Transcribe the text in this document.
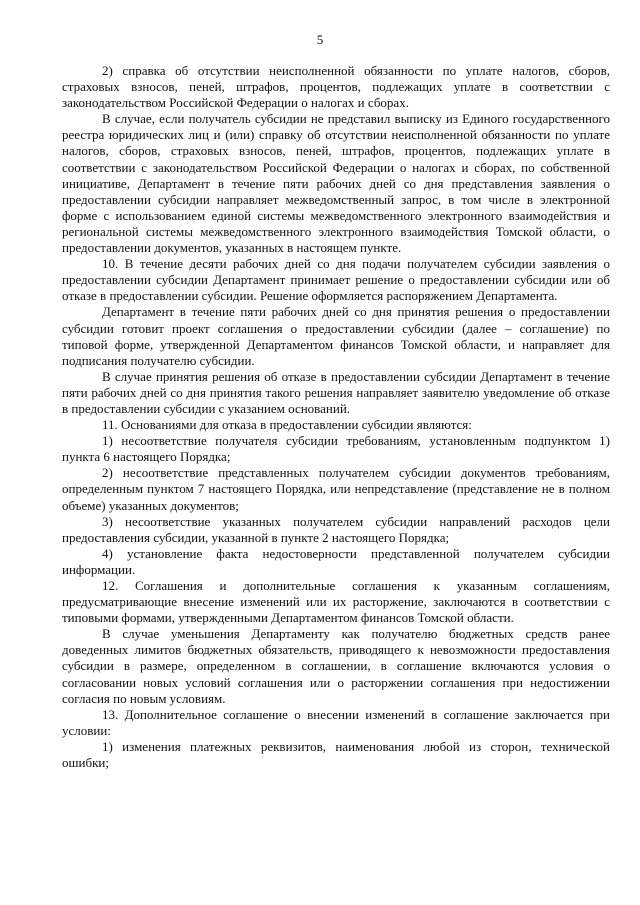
5

2) справка об отсутствии неисполненной обязанности по уплате налогов, сборов, страховых взносов, пеней, штрафов, процентов, подлежащих уплате в соответствии с законодательством Российской Федерации о налогах и сборах.

В случае, если получатель субсидии не представил выписку из Единого государственного реестра юридических лиц и (или) справку об отсутствии неисполненной обязанности по уплате налогов, сборов, страховых взносов, пеней, штрафов, процентов, подлежащих уплате в соответствии с законодательством Российской Федерации о налогах и сборах, по собственной инициативе, Департамент в течение пяти рабочих дней со дня представления заявления о предоставлении субсидии направляет межведомственный запрос, в том числе в электронной форме с использованием единой системы межведомственного электронного взаимодействия и региональной системы межведомственного электронного взаимодействия Томской области, о предоставлении документов, указанных в настоящем пункте.

10. В течение десяти рабочих дней со дня подачи получателем субсидии заявления о предоставлении субсидии Департамент принимает решение о предоставлении субсидии или об отказе в предоставлении субсидии. Решение оформляется распоряжением Департамента.

Департамент в течение пяти рабочих дней со дня принятия решения о предоставлении субсидии готовит проект соглашения о предоставлении субсидии (далее – соглашение) по типовой форме, утвержденной Департаментом финансов Томской области, и направляет для подписания получателю субсидии.

В случае принятия решения об отказе в предоставлении субсидии Департамент в течение пяти рабочих дней со дня принятия такого решения направляет заявителю уведомление об отказе в предоставлении субсидии с указанием оснований.

11. Основаниями для отказа в предоставлении субсидии являются:

1) несоответствие получателя субсидии требованиям, установленным подпунктом 1) пункта 6 настоящего Порядка;

2) несоответствие представленных получателем субсидии документов требованиям, определенным пунктом 7 настоящего Порядка, или непредставление (представление не в полном объеме) указанных документов;

3) несоответствие указанных получателем субсидии направлений расходов цели предоставления субсидии, указанной в пункте 2 настоящего Порядка;

4) установление факта недостоверности представленной получателем субсидии информации.

12. Соглашения и дополнительные соглашения к указанным соглашениям, предусматривающие внесение изменений или их расторжение, заключаются в соответствии с типовыми формами, утвержденными Департаментом финансов Томской области.

В случае уменьшения Департаменту как получателю бюджетных средств ранее доведенных лимитов бюджетных обязательств, приводящего к невозможности предоставления субсидии в размере, определенном в соглашении, в соглашение включаются условия о согласовании новых условий соглашения или о расторжении соглашения при недостижении согласия по новым условиям.

13. Дополнительное соглашение о внесении изменений в соглашение заключается при условии:

1) изменения платежных реквизитов, наименования любой из сторон, технической ошибки;
